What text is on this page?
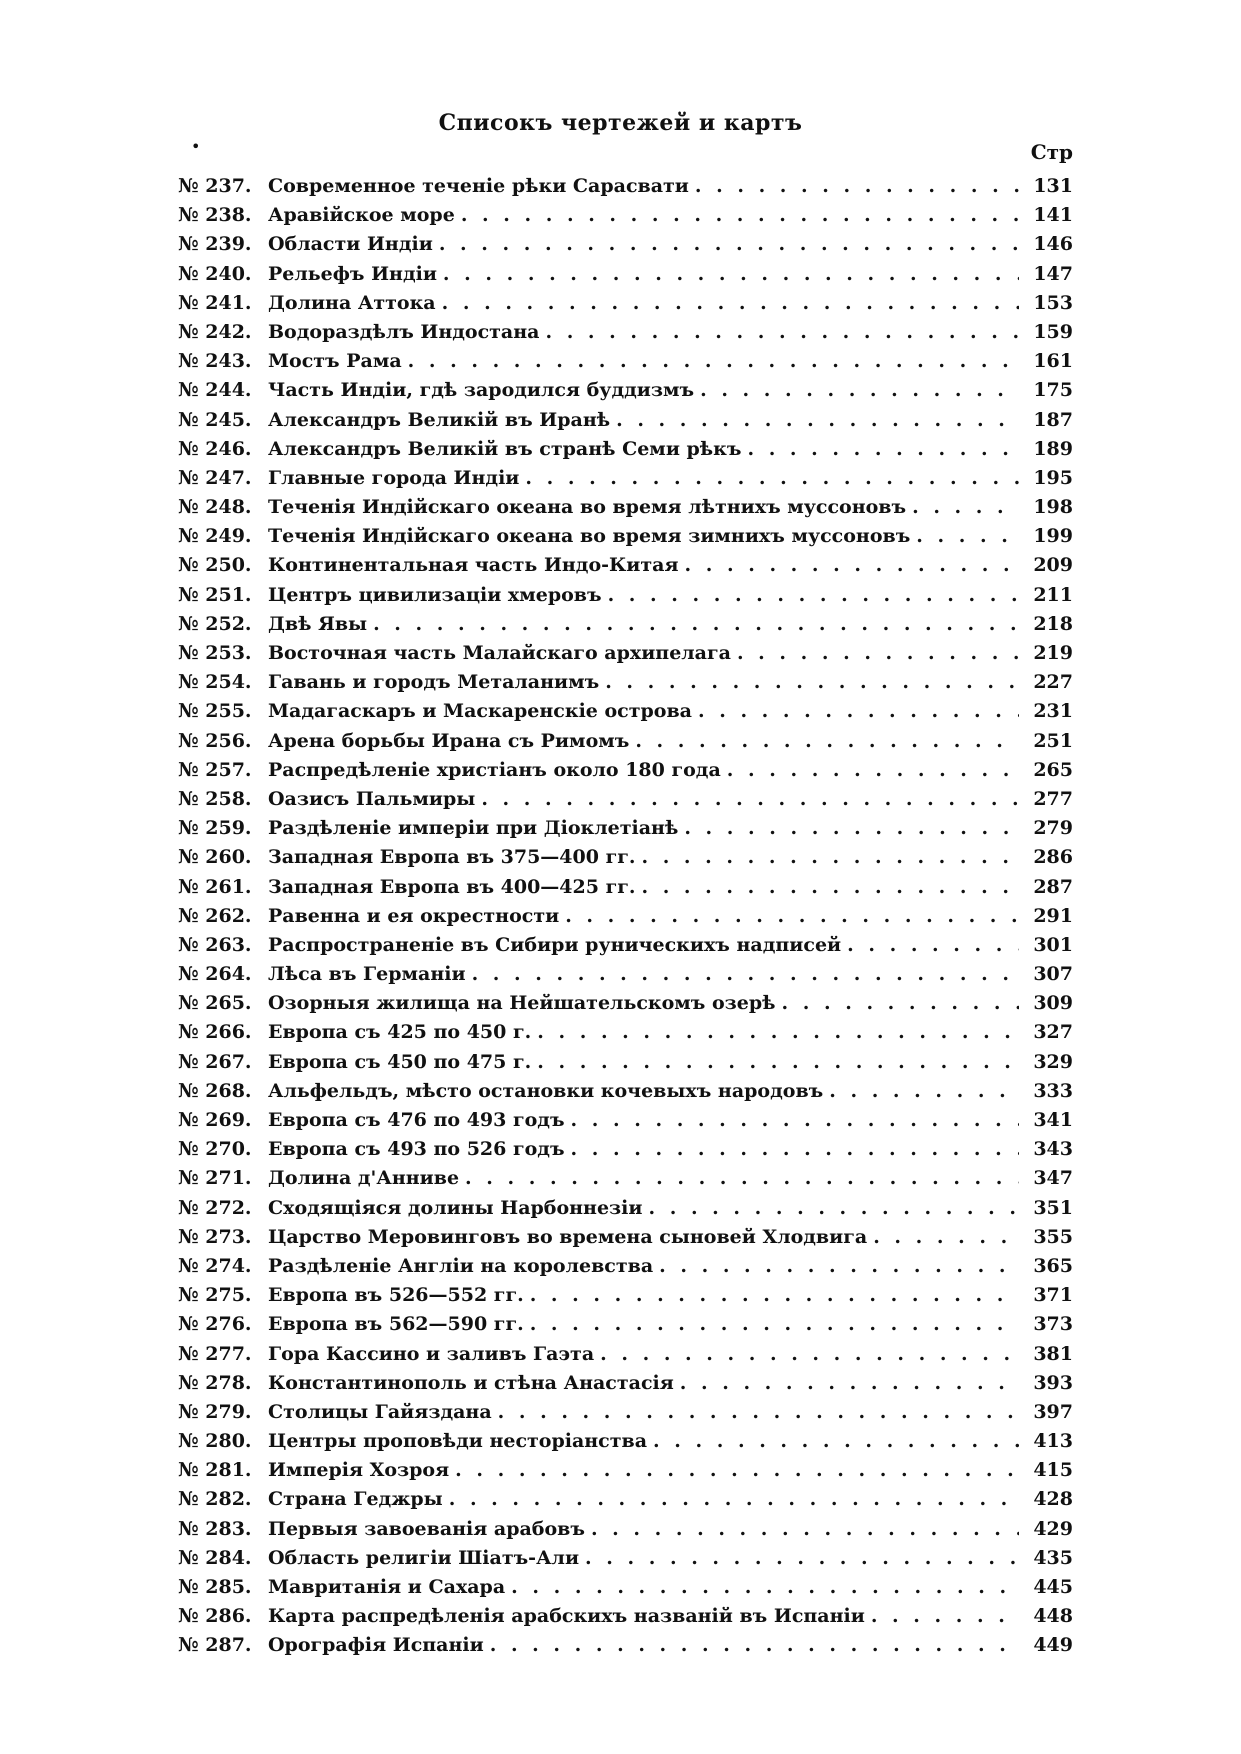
Списокъ чертежей и картъ
•	Стр
№ 237. Современное теченіе рѣки Сарасвати . . .	131
№ 238. Аравійское море . . .	141
№ 239. Области Индіи . . .	146
№ 240. Рельефъ Индіи . . .	147
№ 241. Долина Аттока . . .	153
№ 242. Водораздѣлъ Индостана . . .	159
№ 243. Мостъ Рама . . .	161
№ 244. Часть Индіи, гдѣ зародился буддизмъ . . .	175
№ 245. Александръ Великій въ Иранѣ . . .	187
№ 246. Александръ Великій въ странѣ Семи рѣкъ . . .	189
№ 247. Главные города Индіи . . .	195
№ 248. Теченія Индійскаго океана во время лѣтнихъ муссоновъ . . .	198
№ 249. Теченія Индійскаго океана во время зимнихъ муссоновъ . . .	199
№ 250. Континентальная часть Индо-Китая . . .	209
№ 251. Центръ цивилизаціи хмеровъ . . .	211
№ 252. Двѣ Явы . . .	218
№ 253. Восточная часть Малайскаго архипелага . . .	219
№ 254. Гавань и городъ Металанимъ . . .	227
№ 255. Мадагаскаръ и Маскаренскіе острова . . .	231
№ 256. Арена борьбы Ирана съ Римомъ . . .	251
№ 257. Распредѣленіе христіанъ около 180 года . . .	265
№ 258. Оазисъ Пальмиры . . .	277
№ 259. Раздѣленіе имперіи при Діоклетіанѣ . . .	279
№ 260. Западная Европа въ 375—400 гг. . . .	286
№ 261. Западная Европа въ 400—425 гг. . . .	287
№ 262. Равенна и ея окрестности . . .	291
№ 263. Распространеніе въ Сибири руническихъ надписей . . .	301
№ 264. Лѣса въ Германіи . . .	307
№ 265. Озорныя жилища на Нейшательскомъ озерѣ . . .	309
№ 266. Европа съ 425 по 450 г. . . .	327
№ 267. Европа съ 450 по 475 г. . . .	329
№ 268. Альфельдъ, мѣсто остановки кочевыхъ народовъ . . .	333
№ 269. Европа съ 476 по 493 годъ . . .	341
№ 270. Европа съ 493 по 526 годъ . . .	343
№ 271. Долина д'Анниве . . .	347
№ 272. Сходящіяся долины Нарбоннезіи . . .	351
№ 273. Царство Меровинговъ во времена сыновей Хлодвига . . .	355
№ 274. Раздѣленіе Англіи на королевства . . .	365
№ 275. Европа въ 526—552 гг. . . .	371
№ 276. Европа въ 562—590 гг. . . .	373
№ 277. Гора Кассино и заливъ Гаэта . . .	381
№ 278. Константинополь и стѣна Анастасія . . .	393
№ 279. Столицы Гайяздана . . .	397
№ 280. Центры проповѣди несторіанства . . .	413
№ 281. Имперія Хозроя . . .	415
№ 282. Страна Геджры . . .	428
№ 283. Первыя завоеванія арабовъ . . .	429
№ 284. Область религіи Шіатъ-Али . . .	435
№ 285. Мавританія и Сахара . . .	445
№ 286. Карта распредѣленія арабскихъ названій въ Испаніи . . .	448
№ 287. Орографія Испаніи . . .	449
